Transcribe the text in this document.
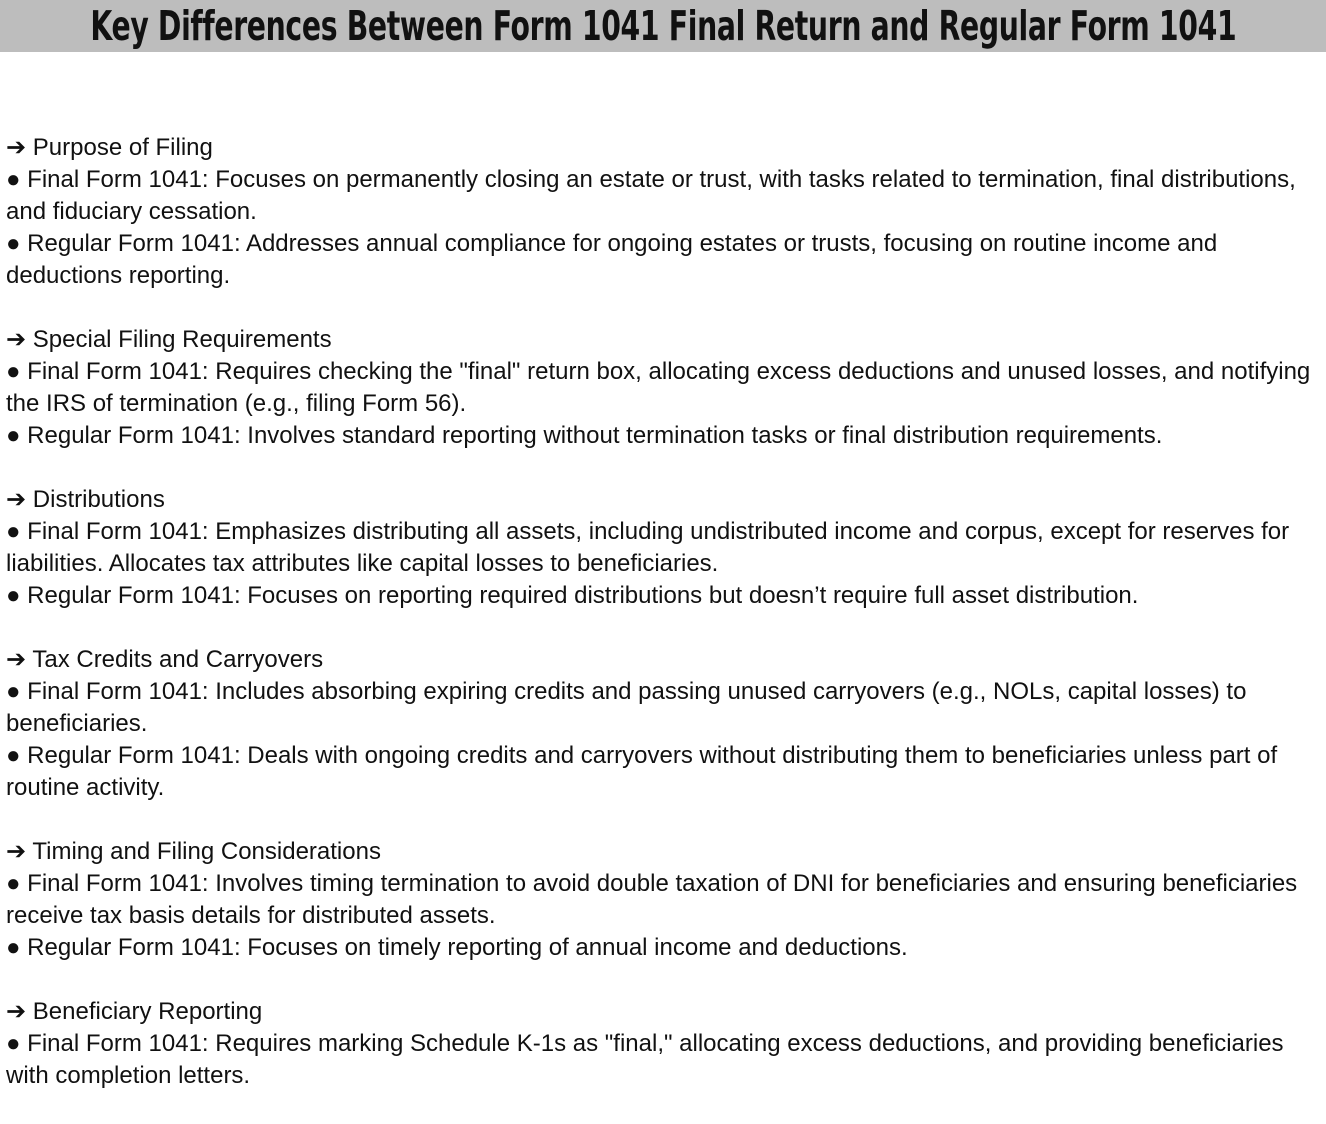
Key Differences Between Form 1041 Final Return and Regular Form 1041
➔ Purpose of Filing
● Final Form 1041: Focuses on permanently closing an estate or trust, with tasks related to termination, final distributions, and fiduciary cessation.
● Regular Form 1041: Addresses annual compliance for ongoing estates or trusts, focusing on routine income and deductions reporting.
➔ Special Filing Requirements
● Final Form 1041: Requires checking the "final" return box, allocating excess deductions and unused losses, and notifying the IRS of termination (e.g., filing Form 56).
● Regular Form 1041: Involves standard reporting without termination tasks or final distribution requirements.
➔ Distributions
● Final Form 1041: Emphasizes distributing all assets, including undistributed income and corpus, except for reserves for liabilities. Allocates tax attributes like capital losses to beneficiaries.
● Regular Form 1041: Focuses on reporting required distributions but doesn’t require full asset distribution.
➔ Tax Credits and Carryovers
● Final Form 1041: Includes absorbing expiring credits and passing unused carryovers (e.g., NOLs, capital losses) to beneficiaries.
● Regular Form 1041: Deals with ongoing credits and carryovers without distributing them to beneficiaries unless part of routine activity.
➔ Timing and Filing Considerations
● Final Form 1041: Involves timing termination to avoid double taxation of DNI for beneficiaries and ensuring beneficiaries receive tax basis details for distributed assets.
● Regular Form 1041: Focuses on timely reporting of annual income and deductions.
➔ Beneficiary Reporting
● Final Form 1041: Requires marking Schedule K-1s as "final," allocating excess deductions, and providing beneficiaries with completion letters.
